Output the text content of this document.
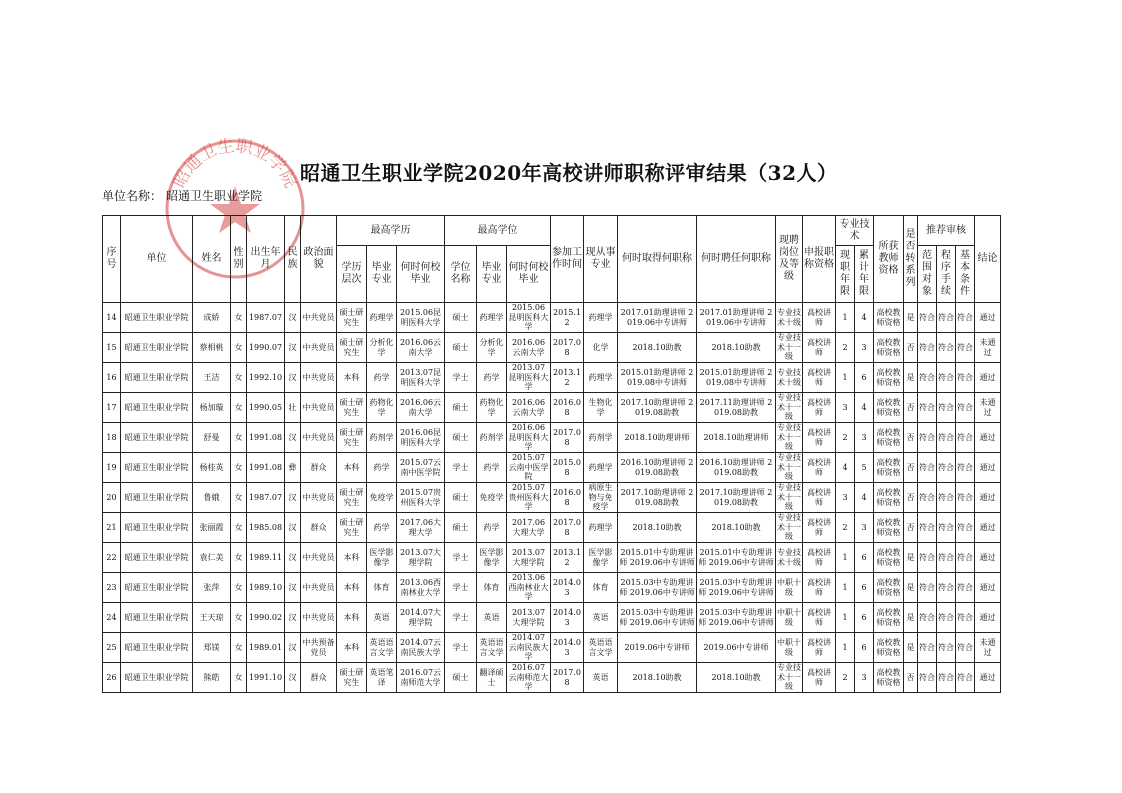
昭通卫生职业学院 昭通卫生职业学院2020年高校讲师职称评审结果（32人）
单位名称： 昭通卫生职业学院
序号	单位	姓名	性别	出生年月	民族	政治面貌	最高学历			最高学位			参加工作时间	现从事专业	何时取得何职称	何时聘任何职称	现聘岗位及等级	申报职称资格	专业技术		所获教师资格	是否转系列	推荐审核			结论
							学历层次	毕业专业	何时何校毕业	学位名称	毕业专业	何时何校毕业							现职年限	累计年限			范围对象	程序手续	基本条件	
14	昭通卫生职业学院	成娇	女	1987.07	汉	中共党员	硕士研究生	药理学	2015.06昆明医科大学	硕士	药理学	2015.06昆明医科大学	2015.12	药理学	2017.01助理讲师 2019.06中专讲师	2017.01助理讲师 2019.06中专讲师	专业技术十级	高校讲师	1	4	高校教师资格	是	符合	符合	符合	通过
15	昭通卫生职业学院	蔡相桃	女	1990.07	汉	中共党员	硕士研究生	分析化学	2016.06云南大学	硕士	分析化学	2016.06云南大学	2017.08	化学	2018.10助教	2018.10助教	专业技术十一级	高校讲师	2	3	高校教师资格	否	符合	符合	符合	未通过
16	昭通卫生职业学院	王洁	女	1992.10	汉	中共党员	本科	药学	2013.07昆明医科大学	学士	药学	2013.07昆明医科大学	2013.12	药理学	2015.01助理讲师 2019.08中专讲师	2015.01助理讲师 2019.08中专讲师	专业技术十级	高校讲师	1	6	高校教师资格	是	符合	符合	符合	通过
17	昭通卫生职业学院	杨加璇	女	1990.05	壮	中共党员	硕士研究生	药物化学	2016.06云南大学	硕士	药物化学	2016.06云南大学	2016.08	生物化学	2017.10助理讲师 2019.08助教	2017.11助理讲师 2019.08助教	专业技术十一级	高校讲师	3	4	高校教师资格	否	符合	符合	符合	未通过
18	昭通卫生职业学院	舒曼	女	1991.08	汉	中共党员	硕士研究生	药剂学	2016.06昆明医科大学	硕士	药剂学	2016.06昆明医科大学	2017.08	药剂学	2018.10助理讲师	2018.10助理讲师	专业技术十一级	高校讲师	2	3	高校教师资格	否	符合	符合	符合	通过
19	昭通卫生职业学院	杨桂英	女	1991.08	彝	群众	本科	药学	2015.07云南中医学院	学士	药学	2015.07云南中医学院	2015.08	药理学	2016.10助理讲师 2019.08助教	2016.10助理讲师 2019.08助教	专业技术十一级	高校讲师	4	5	高校教师资格	否	符合	符合	符合	通过
20	昭通卫生职业学院	鲁娥	女	1987.07	汉	中共党员	硕士研究生	免疫学	2015.07贵州医科大学	硕士	免疫学	2015.07贵州医科大学	2016.08	病原生物与免疫学	2017.10助理讲师 2019.08助教	2017.10助理讲师 2019.08助教	专业技术十一级	高校讲师	3	4	高校教师资格	否	符合	符合	符合	通过
21	昭通卫生职业学院	张丽霞	女	1985.08	汉	群众	硕士研究生	药学	2017.06大理大学	硕士	药学	2017.06大理大学	2017.08	药理学	2018.10助教	2018.10助教	专业技术十一级	高校讲师	2	3	高校教师资格	否	符合	符合	符合	通过
22	昭通卫生职业学院	袁仁美	女	1989.11	汉	中共党员	本科	医学影像学	2013.07大理学院	学士	医学影像学	2013.07大理学院	2013.12	医学影像学	2015.01中专助理讲师 2019.06中专讲师	2015.01中专助理讲师 2019.06中专讲师	专业技术十级	高校讲师	1	6	高校教师资格	是	符合	符合	符合	通过
23	昭通卫生职业学院	张萍	女	1989.10	汉	中共党员	本科	体育	2013.06西南林业大学	学士	体育	2013.06西南林业大学	2014.03	体育	2015.03中专助理讲师 2019.06中专讲师	2015.03中专助理讲师 2019.06中专讲师	中职十级	高校讲师	1	6	高校教师资格	是	符合	符合	符合	通过
24	昭通卫生职业学院	王天琼	女	1990.02	汉	中共党员	本科	英语	2014.07大理学院	学士	英语	2013.07大理学院	2014.03	英语	2015.03中专助理讲师 2019.06中专讲师	2015.03中专助理讲师 2019.06中专讲师	中职十级	高校讲师	1	6	高校教师资格	是	符合	符合	符合	通过
25	昭通卫生职业学院	郑镁	女	1989.01	汉	中共预备党员	本科	英语语言文学	2014.07云南民族大学	学士	英语语言文学	2014.07云南民族大学	2014.03	英语语言文学	2019.06中专讲师	2019.06中专讲师	中职十级	高校讲师	1	6	高校教师资格	是	符合	符合	符合	未通过
26	昭通卫生职业学院	熊皓	女	1991.10	汉	群众	硕士研究生	英语笔译	2016.07云南师范大学	硕士	翻译硕士	2016.07云南师范大学	2017.08	英语	2018.10助教	2018.10助教	专业技术十一级	高校讲师	2	3	高校教师资格	否	符合	符合	符合	通过
